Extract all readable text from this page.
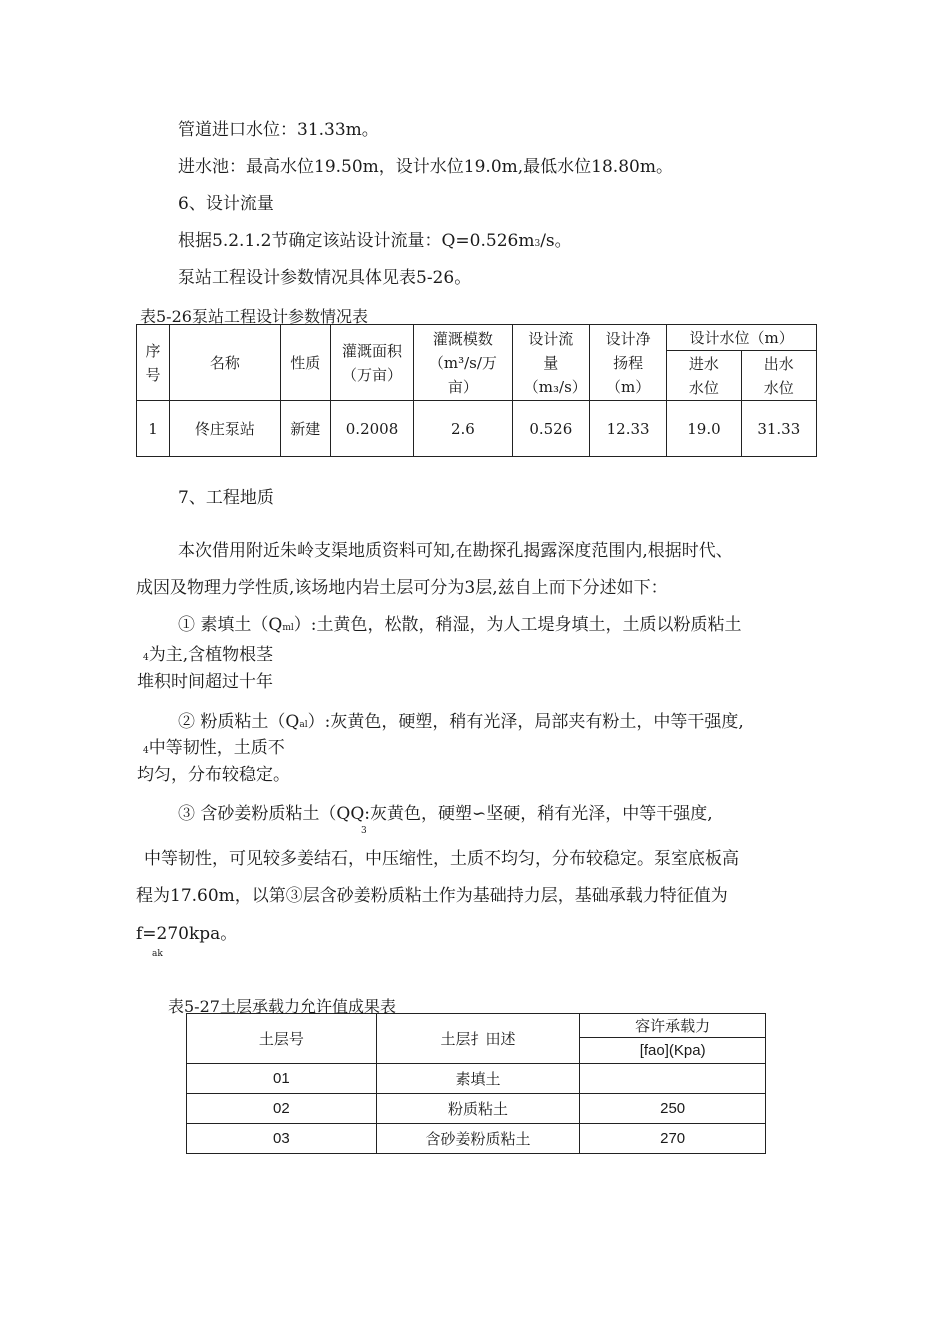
管道进口水位：31.33m。
进水池：最高水位19.50m，设计水位19.0m,最低水位18.80m。
6、设计流量
根据5.2.1.2节确定该站设计流量：Q=0.526m3/s。
泵站工程设计参数情况具体见表5-26。
表5-26泵站工程设计参数情况表
序号	名称	性质	灌溉面积（万亩）	灌溉模数（m³/s/万亩）	设计流量（m₃/s）	设计净扬程（m）	设计水位（m）	

							进水水位	出水水位

1	佟庄泵站	新建	0.2008	2.6	0.526	12.33	19.0	31.33
7、工程地质
本次借用附近朱岭支渠地质资料可知,在勘探孔揭露深度范围内,根据时代、
成因及物理力学性质,该场地内岩土层可分为3层,兹自上而下分述如下：
① 素填土（Qml）:土黄色，松散，稍湿，为人工堤身填土，土质以粉质粘土
4为主,含植物根茎
堆积时间超过十年
② 粉质粘土（Qal）:灰黄色，硬塑，稍有光泽，局部夹有粉土，中等干强度,
4中等韧性，土质不
均匀，分布较稳定。
③ 含砂姜粉质粘土（QQ:灰黄色，硬塑∽坚硬，稍有光泽，中等干强度,
3
中等韧性，可见较多姜结石，中压缩性，土质不均匀，分布较稳定。泵室底板高
程为17.60m，以第③层含砂姜粉质粘土作为基础持力层，基础承载力特征值为
f=270kpa。
ak
表5-27土层承载力允许值成果表
土层号	土层扌田述	容许承载力
		[fao](Kpa)
01	素填土	
02	粉质粘土	250
03	含砂姜粉质粘土	270
